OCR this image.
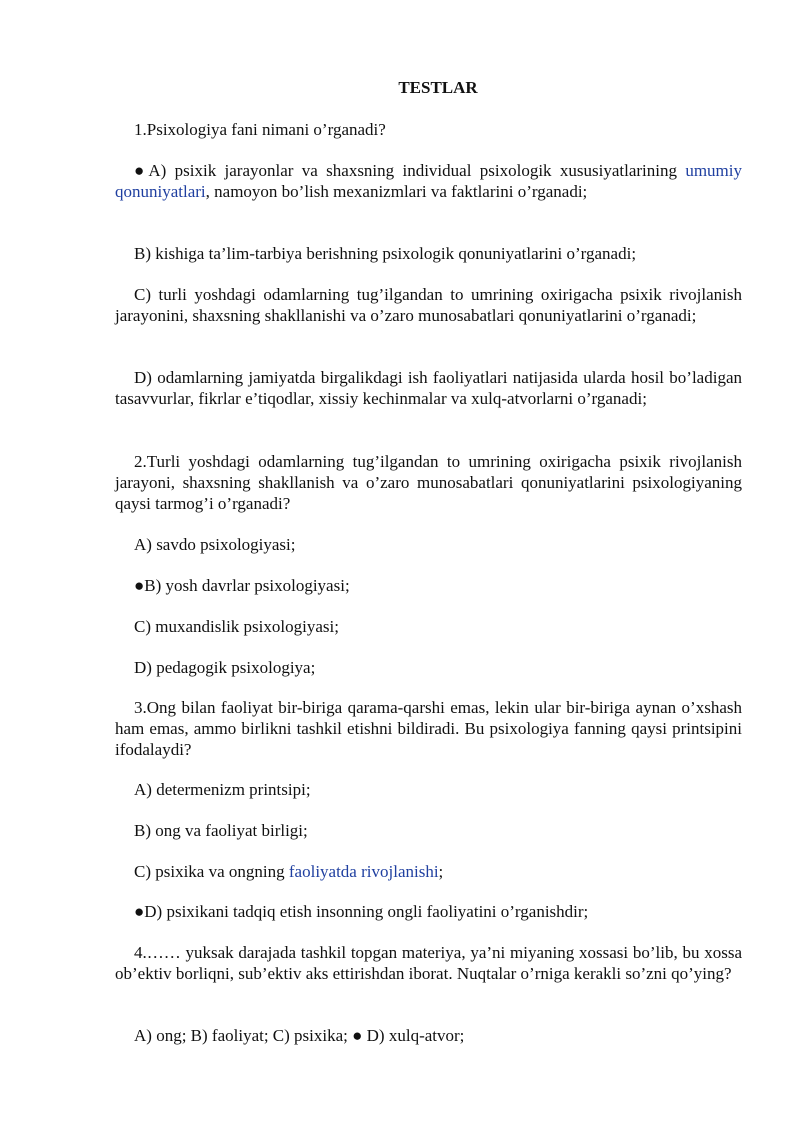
TESTLAR

1.Psixologiya fani nimani o’rganadi?

●A) psixik jarayonlar va shaxsning individual psixologik xususiyatlarining umumiy qonuniyatlari, namoyon bo’lish mexanizmlari va faktlarini o’rganadi;

B) kishiga ta’lim-tarbiya berishning psixologik qonuniyatlarini o’rganadi;

C) turli yoshdagi odamlarning tug’ilgandan to umrining oxirigacha psixik rivojlanish jarayonini, shaxsning shakllanishi va o’zaro munosabatlari qonuniyatlarini o’rganadi;

D) odamlarning jamiyatda birgalikdagi ish faoliyatlari natijasida ularda hosil bo’ladigan tasavvurlar, fikrlar e’tiqodlar, xissiy kechinmalar va xulq-atvorlarni o’rganadi;

2.Turli yoshdagi odamlarning tug’ilgandan to umrining oxirigacha psixik rivojlanish jarayoni, shaxsning shakllanish va o’zaro munosabatlari qonuniyatlarini psixologiyaning qaysi tarmog’i o’rganadi?

A) savdo psixologiyasi;

●B) yosh davrlar psixologiyasi;

C) muxandislik psixologiyasi;

D) pedagogik psixologiya;

3.Ong bilan faoliyat bir-biriga qarama-qarshi emas, lekin ular bir-biriga aynan o’xshash ham emas, ammo birlikni tashkil etishni bildiradi. Bu psixologiya fanning qaysi printsipini ifodalaydi?

A) determenizm printsipi;

B) ong va faoliyat birligi;

C) psixika va ongning faoliyatda rivojlanishi;

●D) psixikani tadqiq etish insonning ongli faoliyatini o’rganishdir;

4.…… yuksak darajada tashkil topgan materiya, ya’ni miyaning xossasi bo’lib, bu xossa ob’ektiv borliqni, sub’ektiv aks ettirishdan iborat. Nuqtalar o’rniga kerakli so’zni qo’ying?

A) ong; B) faoliyat; C) psixika; ● D) xulq-atvor;
